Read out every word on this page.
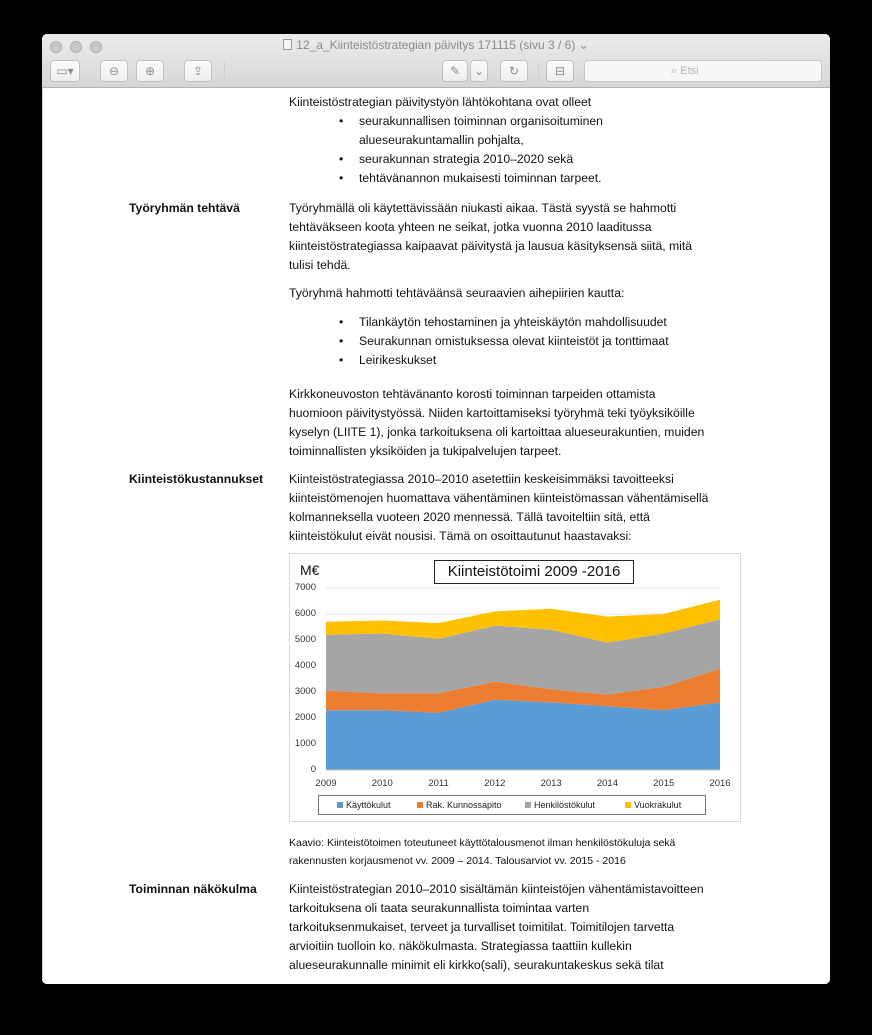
12_a_Kiinteistöstrategian päivitys 171115 (sivu 3 / 6) ⌄
▭▾	⊖	⊕	⇪	✎	⌄	↻	⊟	⌕ Etsi
Kiinteistöstrategian päivitystyön lähtökohtana ovat olleet
• seurakunnallisen toiminnan organisoituminen
alueseurakuntamallin pohjalta,
• seurakunnan strategia 2010–2020 sekä
• tehtävänannon mukaisesti toiminnan tarpeet.
Työryhmän tehtävä	Työryhmällä oli käytettävissään niukasti aikaa. Tästä syystä se hahmotti
tehtäväkseen koota yhteen ne seikat, jotka vuonna 2010 laaditussa
kiinteistöstrategiassa kaipaavat päivitystä ja lausua käsityksensä siitä, mitä
tulisi tehdä.
Työryhmä hahmotti tehtäväänsä seuraavien aihepiirien kautta:
• Tilankäytön tehostaminen ja yhteiskäytön mahdollisuudet
• Seurakunnan omistuksessa olevat kiinteistöt ja tonttimaat
• Leirikeskukset
Kirkkoneuvoston tehtävänanto korosti toiminnan tarpeiden ottamista
huomioon päivitystyössä. Niiden kartoittamiseksi työryhmä teki työyksiköille
kyselyn (LIITE 1), jonka tarkoituksena oli kartoittaa alueseurakuntien, muiden
toiminnallisten yksiköiden ja tukipalvelujen tarpeet.
Kiinteistökustannukset Kiinteistöstrategiassa 2010–2010 asetettiin keskeisimmäksi tavoitteeksi
kiinteistömenojen huomattava vähentäminen kiinteistömassan vähentämisellä
kolmanneksella vuoteen 2020 mennessä. Tällä tavoiteltiin sitä, että
kiinteistökulut eivät nousisi. Tämä on osoittautunut haastavaksi:
M€	Kiinteistötoimi 2009 -2016
7000
6000
5000
4000
3000
2000
1000
0
2009	2010	2011	2012	2013	2014	2015	2016
Käyttökulut	Rak. Kunnossapito	Henkilöstökulut	Vuokrakulut
Kaavio: Kiinteistötoimen toteutuneet käyttötalousmenot ilman henkilöstökuluja sekä
rakennusten korjausmenot vv. 2009 – 2014. Talousarviot vv. 2015 - 2016
Toiminnan näkökulma	Kiinteistöstrategian 2010–2010 sisältämän kiinteistöjen vähentämistavoitteen
tarkoituksena oli taata seurakunnallista toimintaa varten
tarkoituksenmukaiset, terveet ja turvalliset toimitilat. Toimitilojen tarvetta
arvioitiin tuolloin ko. näkökulmasta. Strategiassa taattiin kullekin
alueseurakunnalle minimit eli kirkko(sali), seurakuntakeskus sekä tilat
